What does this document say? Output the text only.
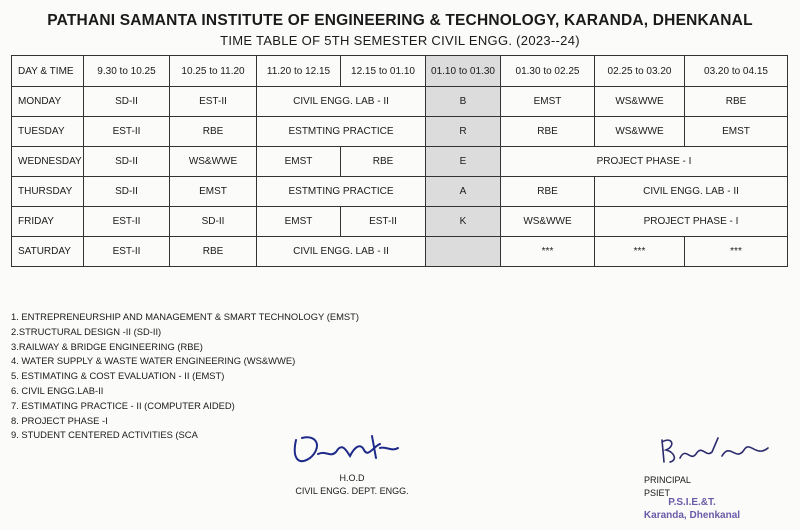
PATHANI SAMANTA INSTITUTE OF ENGINEERING & TECHNOLOGY, KARANDA, DHENKANAL
TIME TABLE OF 5TH SEMESTER CIVIL ENGG. (2023--24)
DAY & TIME	9.30 to 10.25	10.25 to 11.20	11.20 to 12.15	12.15 to 01.10	01.10 to 01.30	01.30 to 02.25	02.25 to 03.20	03.20 to 04.15
MONDAY	SD-II	EST-II	CIVIL ENGG. LAB - II		B	EMST	WS&WWE	RBE
TUESDAY	EST-II	RBE	ESTMTING PRACTICE		R	RBE	WS&WWE	EMST
WEDNESDAY	SD-II	WS&WWE	EMST	RBE	E	PROJECT PHASE - I		
THURSDAY	SD-II	EMST	ESTMTING PRACTICE		A	RBE	CIVIL ENGG. LAB - II	
FRIDAY	EST-II	SD-II	EMST	EST-II	K	WS&WWE	PROJECT PHASE - I	
SATURDAY	EST-II	RBE	CIVIL ENGG. LAB - II			***	***	***
1. ENTREPRENEURSHIP AND MANAGEMENT & SMART TECHNOLOGY (EMST)
2.STRUCTURAL DESIGN -II (SD-II)
3.RAILWAY & BRIDGE ENGINEERING (RBE)
4. WATER SUPPLY & WASTE WATER ENGINEERING (WS&WWE)
5. ESTIMATING & COST EVALUATION - II (EMST)
6. CIVIL ENGG.LAB-II
7. ESTIMATING PRACTICE - II (COMPUTER AIDED)
8. PROJECT PHASE -I
9. STUDENT CENTERED ACTIVITIES (SCA
H.O.D
CIVIL ENGG. DEPT. ENGG.
PRINCIPAL
PSIET
P.S.I.E.&T.
Karanda, Dhenkanal
